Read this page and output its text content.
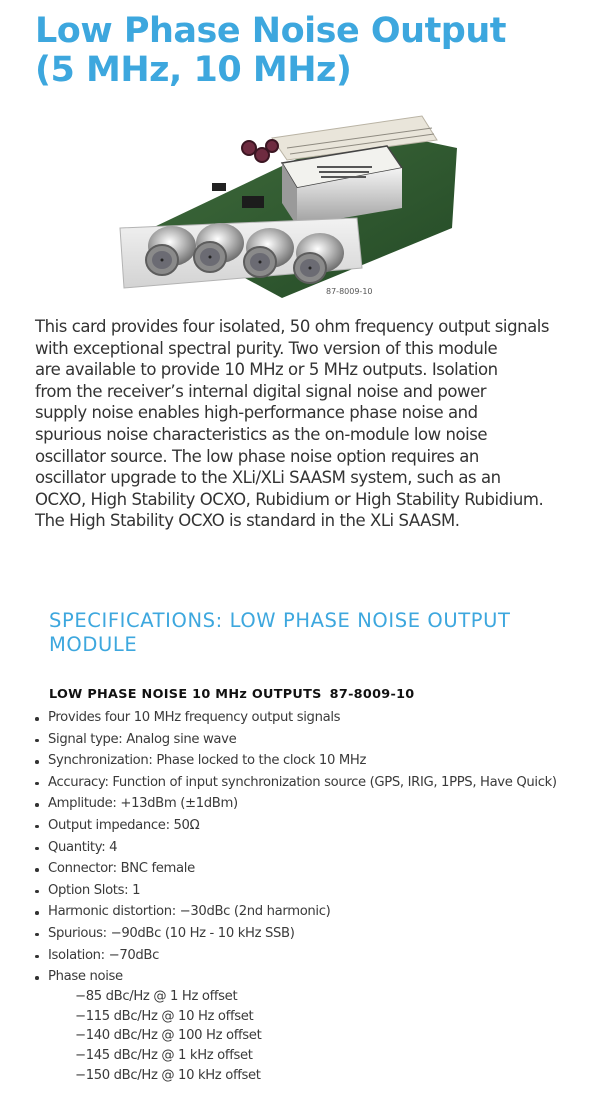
Low Phase Noise Output
(5 MHz, 10 MHz)
87-8009-10

This card provides four isolated, 50 ohm frequency output signals
with exceptional spectral purity. Two version of this module
are available to provide 10 MHz or 5 MHz outputs. Isolation
from the receiver’s internal digital signal noise and power
supply noise enables high-performance phase noise and
spurious noise characteristics as the on-module low noise
oscillator source. The low phase noise option requires an
oscillator upgrade to the XLi/XLi SAASM system, such as an
OCXO, High Stability OCXO, Rubidium or High Stability Rubidium.
The High Stability OCXO is standard in the XLi SAASM.

SPECIFICATIONS: LOW PHASE NOISE OUTPUT
MODULE
LOW PHASE NOISE 10 MHz OUTPUTS 87-8009-10
Provides four 10 MHz frequency output signals
Signal type: Analog sine wave
Synchronization: Phase locked to the clock 10 MHz
Accuracy: Function of input synchronization source (GPS, IRIG, 1PPS, Have Quick)
Amplitude: +13dBm (±1dBm)
Output impedance: 50Ω
Quantity: 4
Connector: BNC female
Option Slots: 1
Harmonic distortion: −30dBc (2nd harmonic)
Spurious: −90dBc (10 Hz - 10 kHz SSB)
Isolation: −70dBc
Phase noise
−85 dBc/Hz @ 1 Hz offset
−115 dBc/Hz @ 10 Hz offset
−140 dBc/Hz @ 100 Hz offset
−145 dBc/Hz @ 1 kHz offset
−150 dBc/Hz @ 10 kHz offset
